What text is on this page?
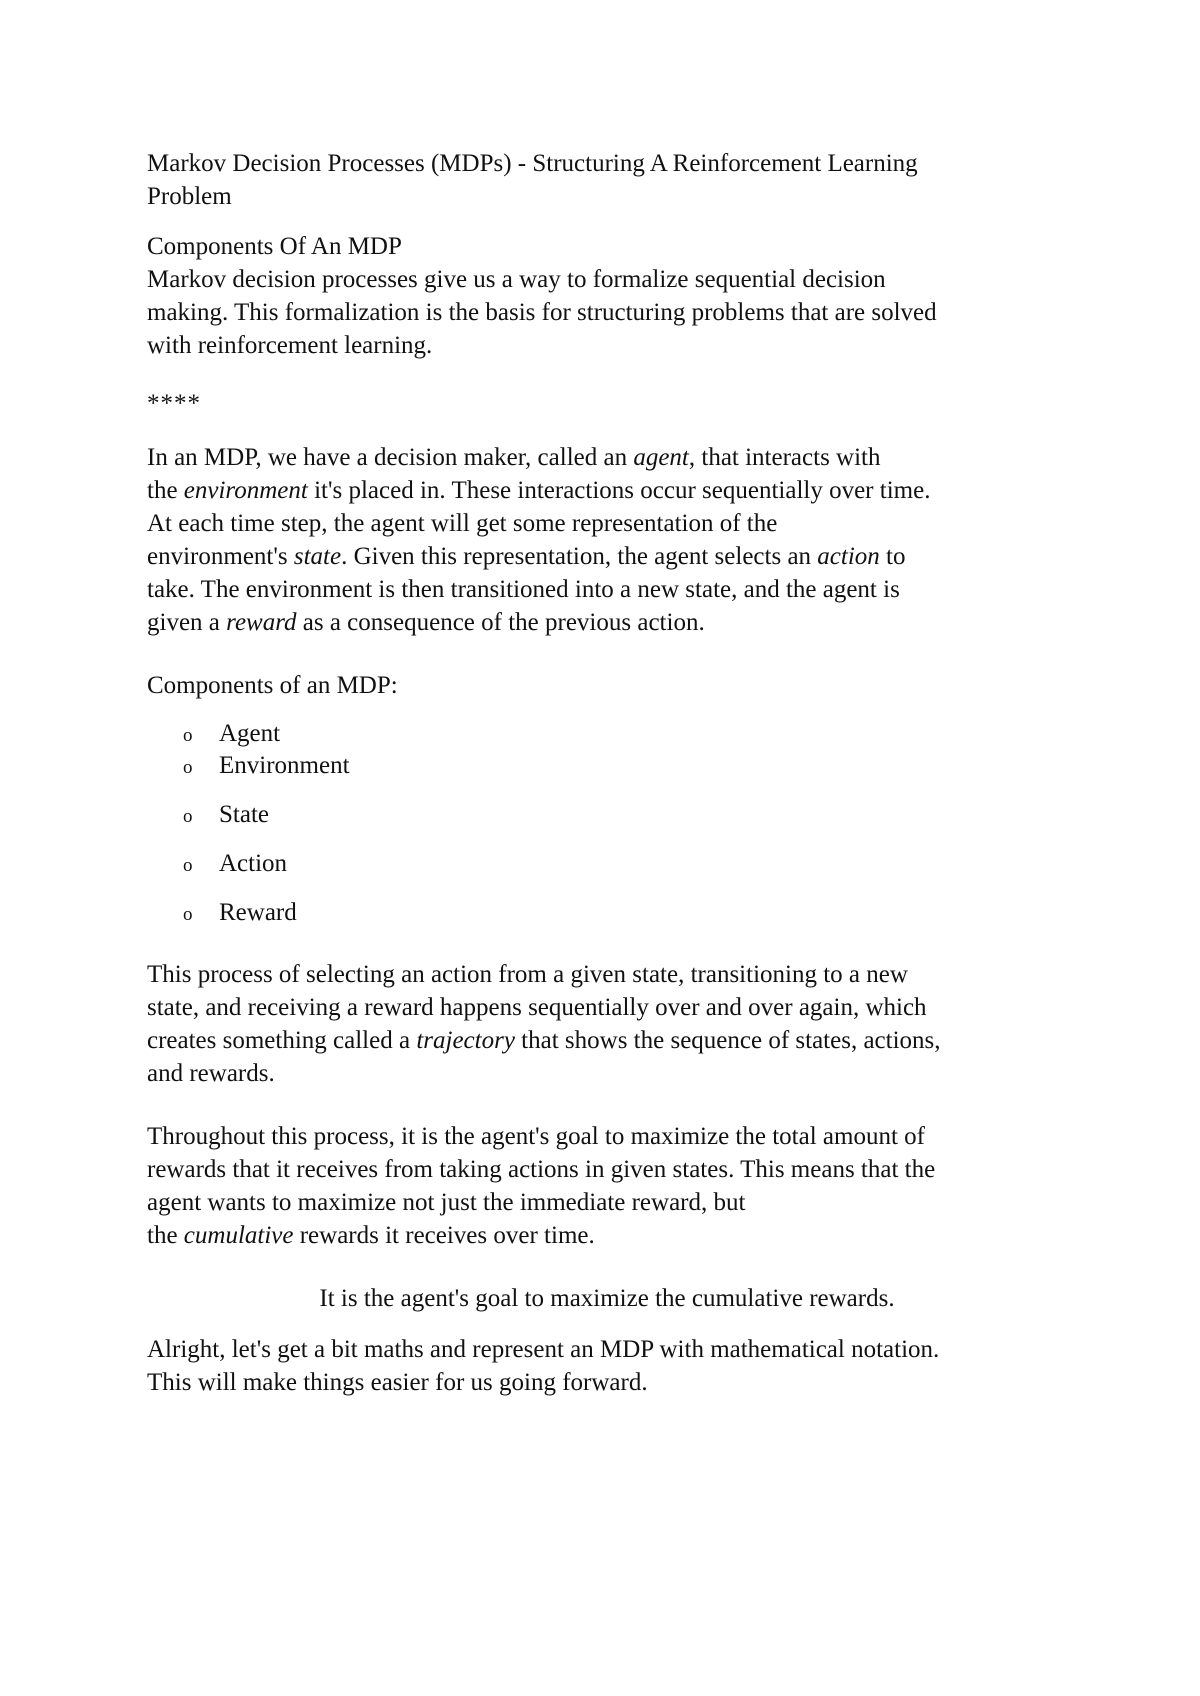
Markov Decision Processes (MDPs) - Structuring A Reinforcement Learning
Problem
Components Of An MDP
Markov decision processes give us a way to formalize sequential decision
making. This formalization is the basis for structuring problems that are solved
with reinforcement learning.
****
In an MDP, we have a decision maker, called an agent, that interacts with
the environment it's placed in. These interactions occur sequentially over time.
At each time step, the agent will get some representation of the
environment's state. Given this representation, the agent selects an action to
take. The environment is then transitioned into a new state, and the agent is
given a reward as a consequence of the previous action.
Components of an MDP:
o Agent
o Environment
o State
o Action
o Reward
This process of selecting an action from a given state, transitioning to a new
state, and receiving a reward happens sequentially over and over again, which
creates something called a trajectory that shows the sequence of states, actions,
and rewards.
Throughout this process, it is the agent's goal to maximize the total amount of
rewards that it receives from taking actions in given states. This means that the
agent wants to maximize not just the immediate reward, but
the cumulative rewards it receives over time.
It is the agent's goal to maximize the cumulative rewards.
Alright, let's get a bit maths and represent an MDP with mathematical notation.
This will make things easier for us going forward.
